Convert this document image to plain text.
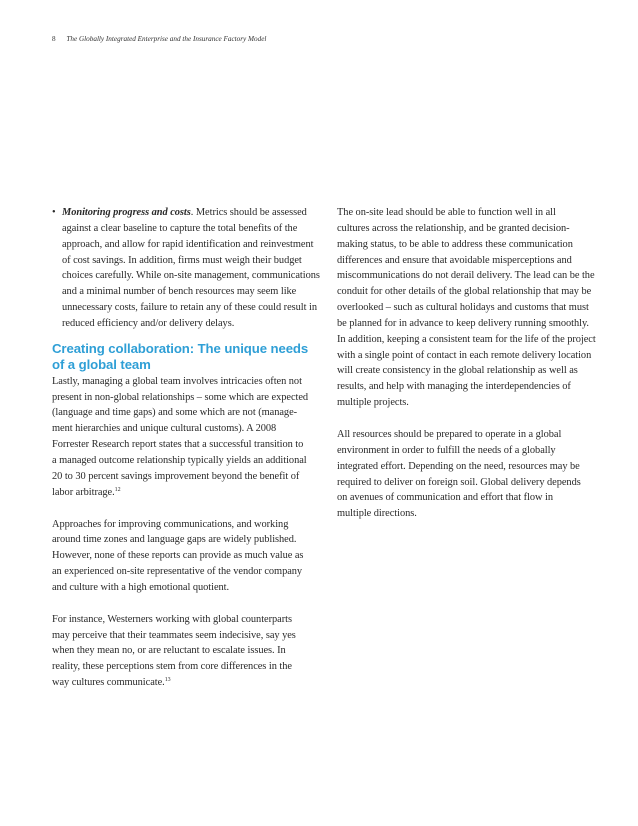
8 The Globally Integrated Enterprise and the Insurance Factory Model
• Monitoring progress and costs. Metrics should be assessed
against a clear baseline to capture the total benefits of the
approach, and allow for rapid identification and reinvestment
of cost savings. In addition, firms must weigh their budget
choices carefully. While on-site management, communications
and a minimal number of bench resources may seem like
unnecessary costs, failure to retain any of these could result in
reduced efficiency and/or delivery delays.
Creating collaboration: The unique needs
of a global team

Lastly, managing a global team involves intricacies often not
present in non-global relationships – some which are expected
(language and time gaps) and some which are not (manage-
ment hierarchies and unique cultural customs). A 2008
Forrester Research report states that a successful transition to
a managed outcome relationship typically yields an additional
20 to 30 percent savings improvement beyond the benefit of
labor arbitrage.$^{12}$

Approaches for improving communications, and working
around time zones and language gaps are widely published.
However, none of these reports can provide as much value as
an experienced on-site representative of the vendor company
and culture with a high emotional quotient.

For instance, Westerners working with global counterparts
may perceive that their teammates seem indecisive, say yes
when they mean no, or are reluctant to escalate issues. In
reality, these perceptions stem from core differences in the
way cultures communicate.$^{13}$

The on-site lead should be able to function well in all
cultures across the relationship, and be granted decision-
making status, to be able to address these communication
differences and ensure that avoidable misperceptions and
miscommunications do not derail delivery. The lead can be the
conduit for other details of the global relationship that may be
overlooked – such as cultural holidays and customs that must
be planned for in advance to keep delivery running smoothly.
In addition, keeping a consistent team for the life of the project
with a single point of contact in each remote delivery location
will create consistency in the global relationship as well as
results, and help with managing the interdependencies of
multiple projects.

All resources should be prepared to operate in a global
environment in order to fulfill the needs of a globally
integrated effort. Depending on the need, resources may be
required to deliver on foreign soil. Global delivery depends
on avenues of communication and effort that flow in
multiple directions.
